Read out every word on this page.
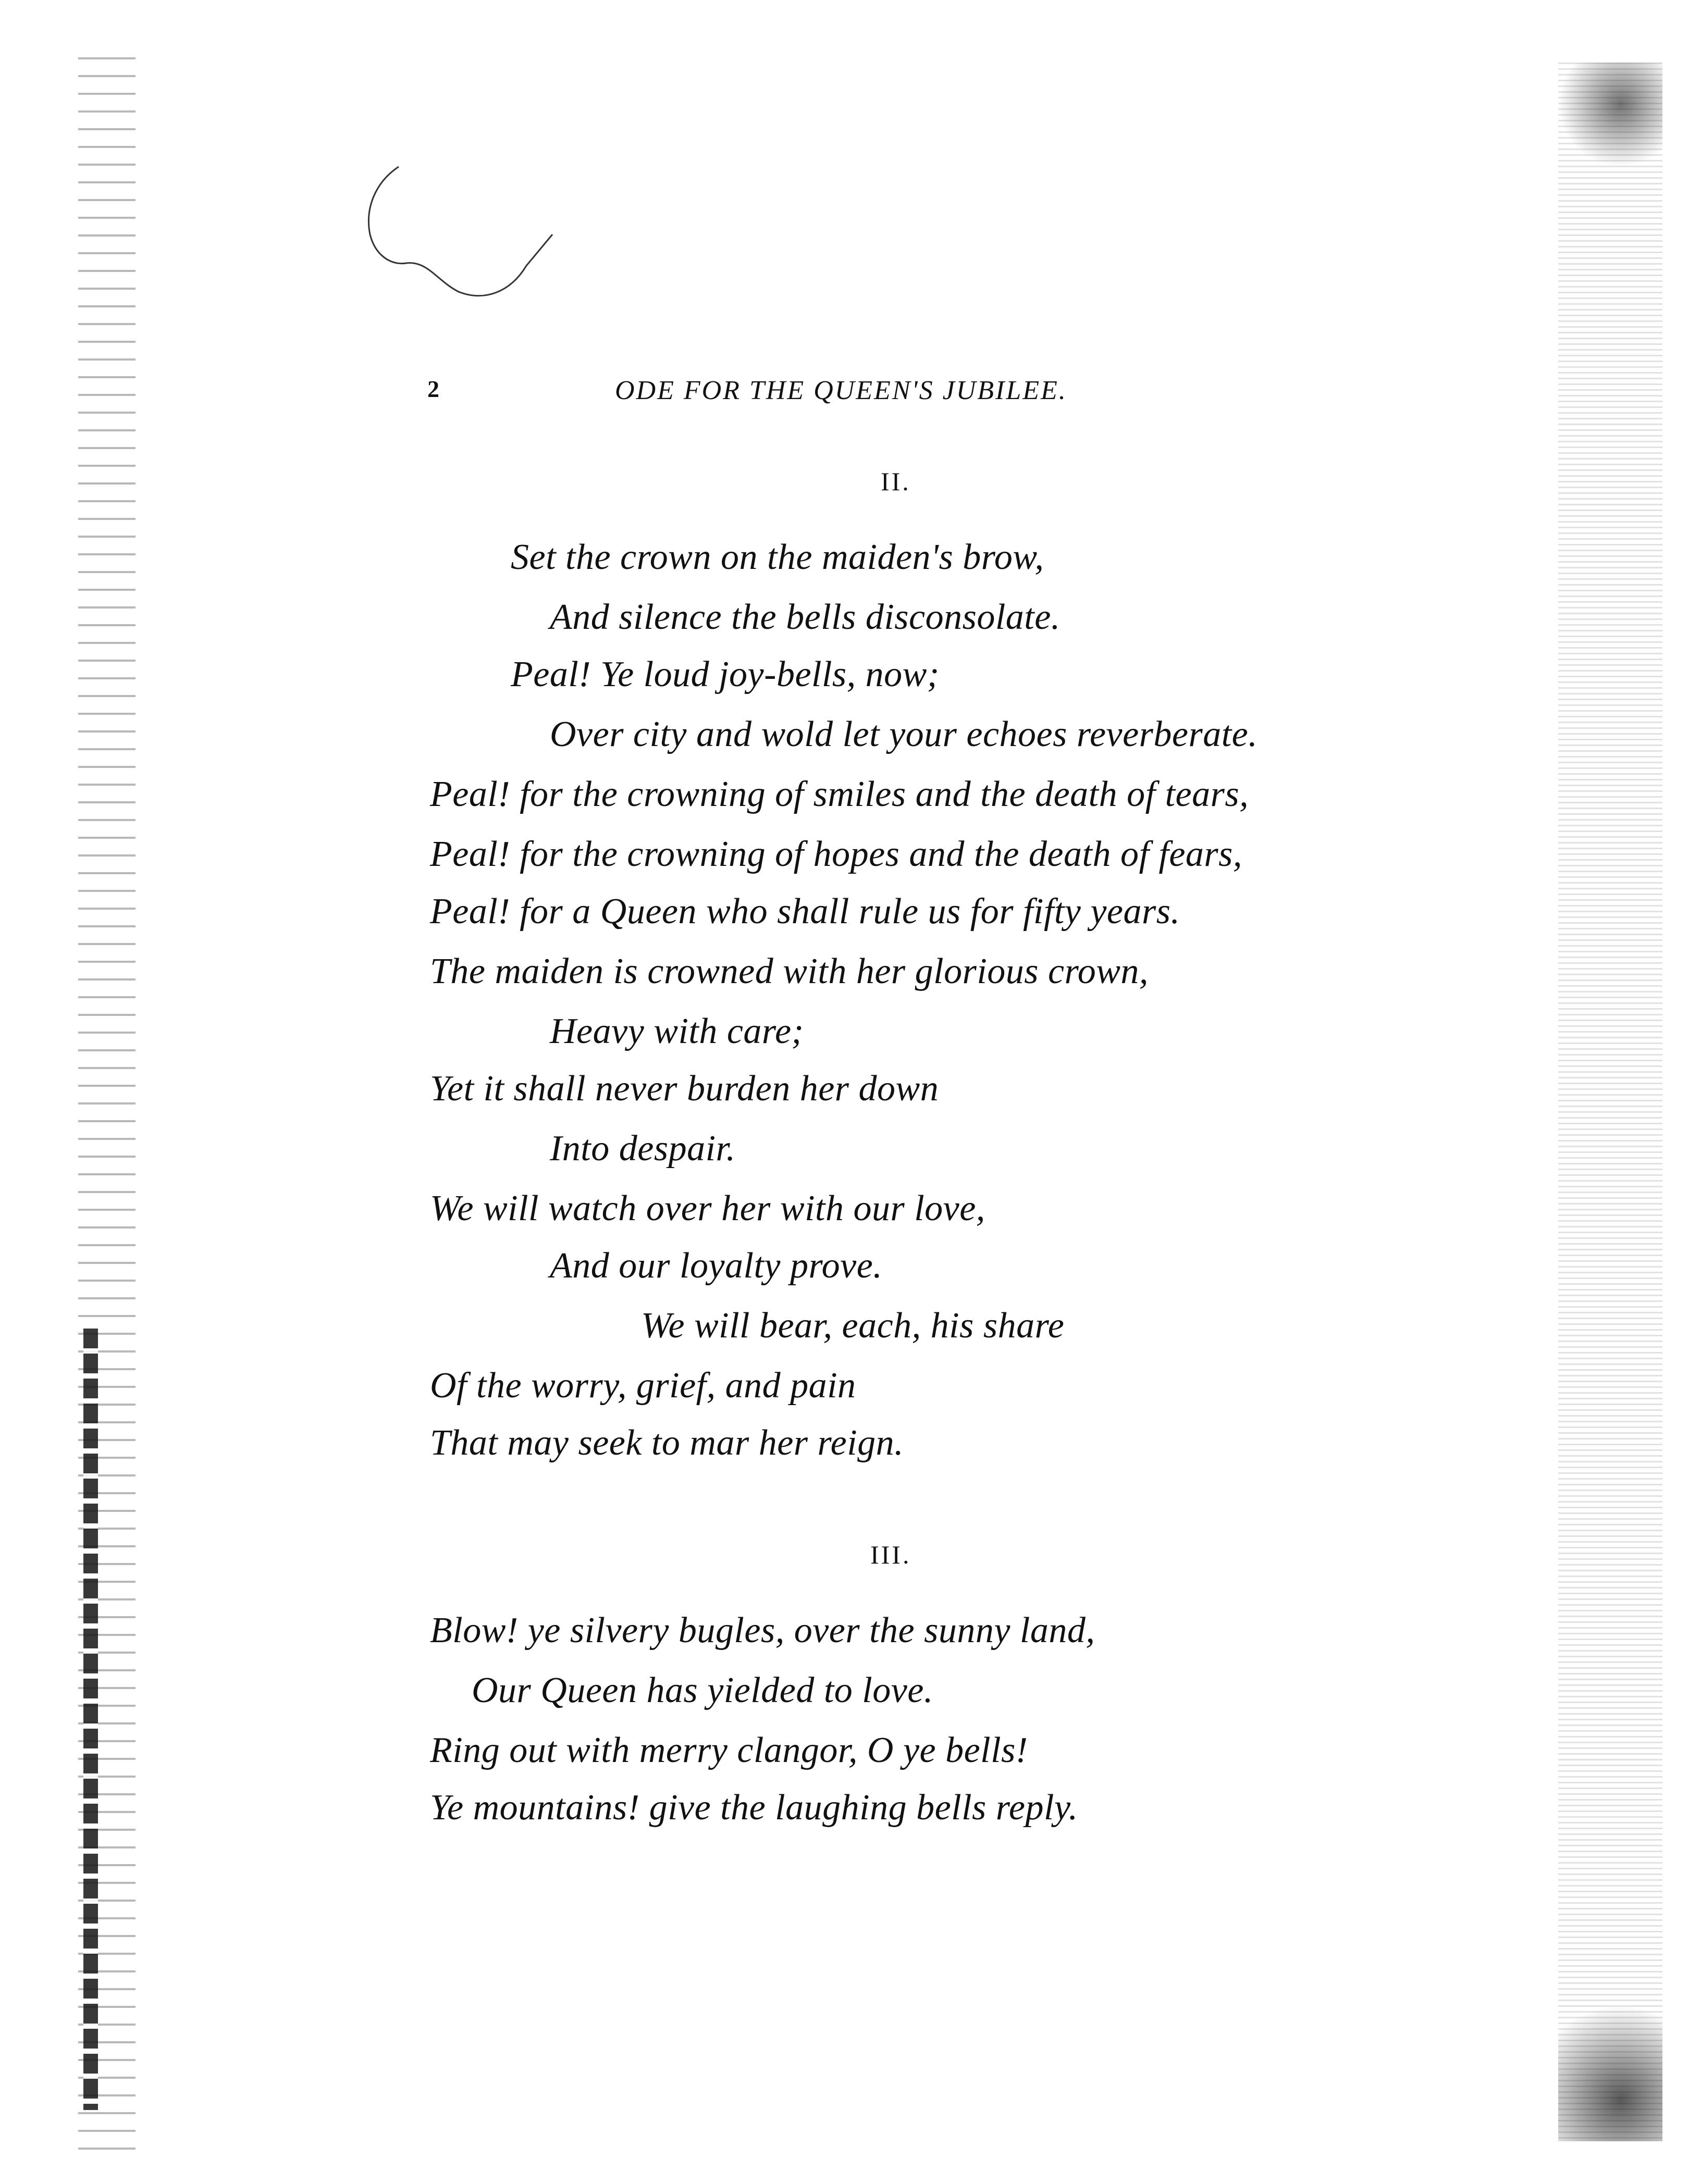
2	ODE FOR THE QUEEN'S JUBILEE.
II.
Set the crown on the maiden's brow,
And silence the bells disconsolate.
Peal! Ye loud joy-bells, now;
Over city and wold let your echoes reverberate.
Peal! for the crowning of smiles and the death of tears,
Peal! for the crowning of hopes and the death of fears,
Peal! for a Queen who shall rule us for fifty years.
The maiden is crowned with her glorious crown,
Heavy with care;
Yet it shall never burden her down
Into despair.
We will watch over her with our love,
And our loyalty prove.
We will bear, each, his share
Of the worry, grief, and pain
That may seek to mar her reign.
III.
Blow! ye silvery bugles, over the sunny land,
Our Queen has yielded to love.
Ring out with merry clangor, O ye bells!
Ye mountains! give the laughing bells reply.
